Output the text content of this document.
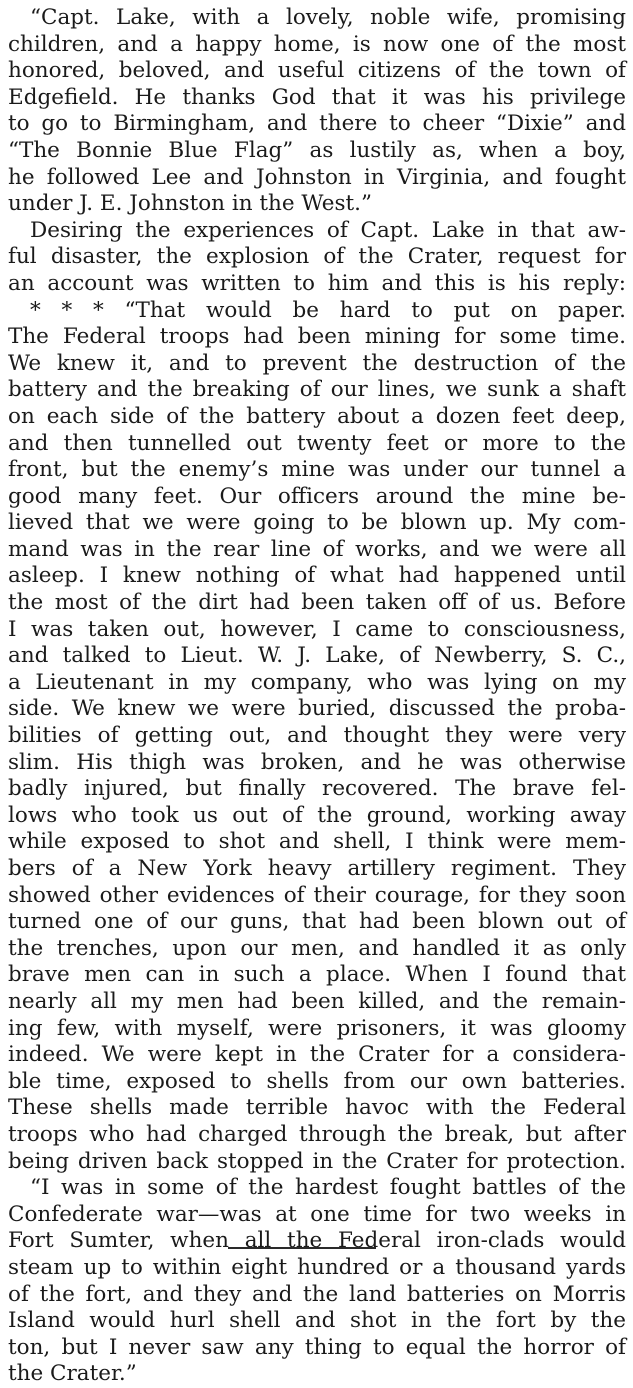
“Capt. Lake, with a lovely, noble wife, promising
children, and a happy home, is now one of the most
honored, beloved, and useful citizens of the town of
Edgefield. He thanks God that it was his privilege
to go to Birmingham, and there to cheer “Dixie” and
“The Bonnie Blue Flag” as lustily as, when a boy,
he followed Lee and Johnston in Virginia, and fought
under J. E. Johnston in the West.”
Desiring the experiences of Capt. Lake in that aw-
ful disaster, the explosion of the Crater, request for
an account was written to him and this is his reply:
* * * “That would be hard to put on paper.
The Federal troops had been mining for some time.
We knew it, and to prevent the destruction of the
battery and the breaking of our lines, we sunk a shaft
on each side of the battery about a dozen feet deep,
and then tunnelled out twenty feet or more to the
front, but the enemy’s mine was under our tunnel a
good many feet. Our officers around the mine be-
lieved that we were going to be blown up. My com-
mand was in the rear line of works, and we were all
asleep. I knew nothing of what had happened until
the most of the dirt had been taken off of us. Before
I was taken out, however, I came to consciousness,
and talked to Lieut. W. J. Lake, of Newberry, S. C.,
a Lieutenant in my company, who was lying on my
side. We knew we were buried, discussed the proba-
bilities of getting out, and thought they were very
slim. His thigh was broken, and he was otherwise
badly injured, but finally recovered. The brave fel-
lows who took us out of the ground, working away
while exposed to shot and shell, I think were mem-
bers of a New York heavy artillery regiment. They
showed other evidences of their courage, for they soon
turned one of our guns, that had been blown out of
the trenches, upon our men, and handled it as only
brave men can in such a place. When I found that
nearly all my men had been killed, and the remain-
ing few, with myself, were prisoners, it was gloomy
indeed. We were kept in the Crater for a considera-
ble time, exposed to shells from our own batteries.
These shells made terrible havoc with the Federal
troops who had charged through the break, but after
being driven back stopped in the Crater for protection.
“I was in some of the hardest fought battles of the
Confederate war—was at one time for two weeks in
Fort Sumter, when all the Federal iron-clads would
steam up to within eight hundred or a thousand yards
of the fort, and they and the land batteries on Morris
Island would hurl shell and shot in the fort by the
ton, but I never saw any thing to equal the horror of
the Crater.”
